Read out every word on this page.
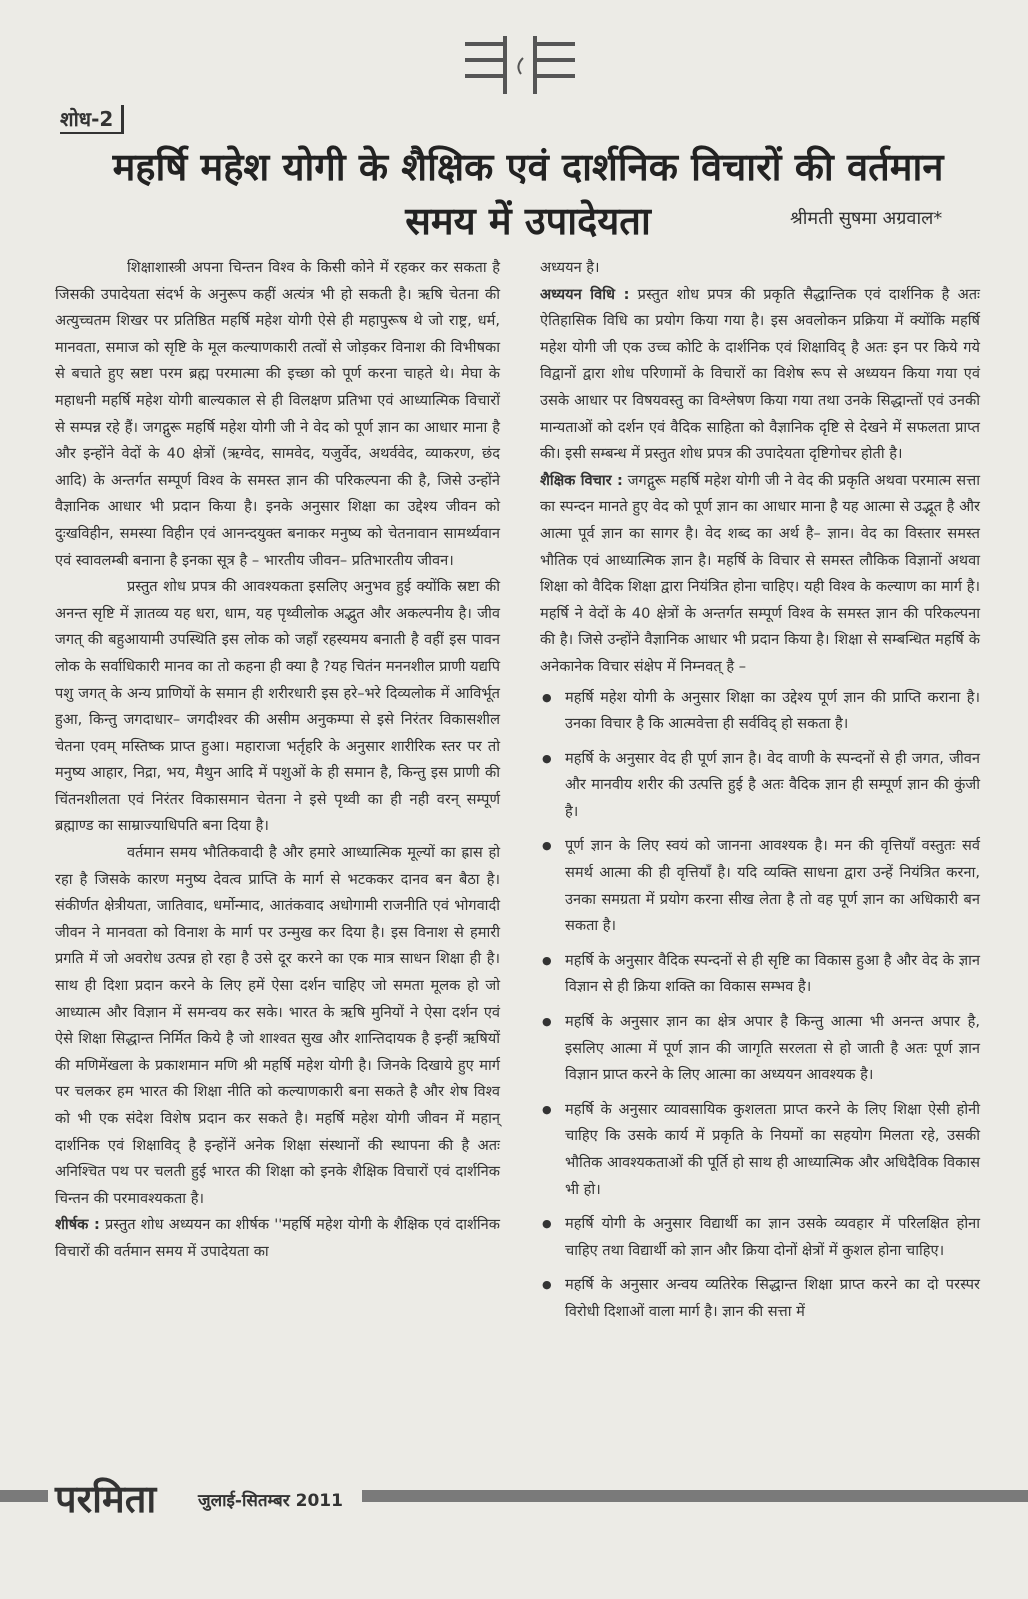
शोध-2
महर्षि महेश योगी के शैक्षिक एवं दार्शनिक विचारों की वर्तमान समय में उपादेयता	श्रीमती सुषमा अग्रवाल*

शिक्षाशास्त्री अपना चिन्तन विश्व के किसी कोने में रहकर कर सकता है जिसकी उपादेयता संदर्भ के अनुरूप कहीं अत्यंत्र भी हो सकती है। ऋषि चेतना की अत्युच्चतम शिखर पर प्रतिष्ठित महर्षि महेश योगी ऐसे ही महापुरूष थे जो राष्ट्र, धर्म, मानवता, समाज को सृष्टि के मूल कल्याणकारी तत्वों से जोड़कर विनाश की विभीषका से बचाते हुए स्रष्टा परम ब्रह्म परमात्मा की इच्छा को पूर्ण करना चाहते थे। मेघा के महाधनी महर्षि महेश योगी बाल्यकाल से ही विलक्षण प्रतिभा एवं आध्यात्मिक विचारों से सम्पन्न रहे हैं। जगद्गुरू महर्षि महेश योगी जी ने वेद को पूर्ण ज्ञान का आधार माना है और इन्होंने वेदों के 40 क्षेत्रों (ऋग्वेद, सामवेद, यजुर्वेद, अथर्ववेद, व्याकरण, छंद आदि) के अन्तर्गत सम्पूर्ण विश्व के समस्त ज्ञान की परिकल्पना की है, जिसे उन्होंने वैज्ञानिक आधार भी प्रदान किया है। इनके अनुसार शिक्षा का उद्देश्य जीवन को दुःखविहीन, समस्या विहीन एवं आनन्दयुक्त बनाकर मनुष्य को चेतनावान सामर्थ्यवान एवं स्वावलम्बी बनाना है इनका सूत्र है – भारतीय जीवन– प्रतिभारतीय जीवन।

प्रस्तुत शोध प्रपत्र की आवश्यकता इसलिए अनुभव हुई क्योंकि स्रष्टा की अनन्त सृष्टि में ज्ञातव्य यह धरा, धाम, यह पृथ्वीलोक अद्भुत और अकल्पनीय है। जीव जगत् की बहुआयामी उपस्थिति इस लोक को जहाँ रहस्यमय बनाती है वहीं इस पावन लोक के सर्वाधिकारी मानव का तो कहना ही क्या है ?यह चितंन मननशील प्राणी यद्यपि पशु जगत् के अन्य प्राणियों के समान ही शरीरधारी इस हरे–भरे दिव्यलोक में आविर्भूत हुआ, किन्तु जगदाधार– जगदीश्वर की असीम अनुकम्पा से इसे निरंतर विकासशील चेतना एवम् मस्तिष्क प्राप्त हुआ। महाराजा भर्तृहरि के अनुसार शारीरिक स्तर पर तो मनुष्य आहार, निद्रा, भय, मैथुन आदि में पशुओं के ही समान है, किन्तु इस प्राणी की चिंतनशीलता एवं निरंतर विकासमान चेतना ने इसे पृथ्वी का ही नही वरन् सम्पूर्ण ब्रह्माण्ड का साम्राज्याधिपति बना दिया है।

वर्तमान समय भौतिकवादी है और हमारे आध्यात्मिक मूल्यों का ह्रास हो रहा है जिसके कारण मनुष्य देवत्व प्राप्ति के मार्ग से भटककर दानव बन बैठा है। संकीर्णत क्षेत्रीयता, जातिवाद, धर्मोन्माद, आतंकवाद अधोगामी राजनीति एवं भोगवादी जीवन ने मानवता को विनाश के मार्ग पर उन्मुख कर दिया है। इस विनाश से हमारी प्रगति में जो अवरोध उत्पन्न हो रहा है उसे दूर करने का एक मात्र साधन शिक्षा ही है। साथ ही दिशा प्रदान करने के लिए हमें ऐसा दर्शन चाहिए जो समता मूलक हो जो आध्यात्म और विज्ञान में समन्वय कर सके। भारत के ऋषि मुनियों ने ऐसा दर्शन एवं ऐसे शिक्षा सिद्धान्त निर्मित किये है जो शाश्वत सुख और शान्तिदायक है इन्हीं ऋषियों की मणिमेंखला के प्रकाशमान मणि श्री महर्षि महेश योगी है। जिनके दिखाये हुए मार्ग पर चलकर हम भारत की शिक्षा नीति को कल्याणकारी बना सकते है और शेष विश्व को भी एक संदेश विशेष प्रदान कर सकते है। महर्षि महेश योगी जीवन में महान् दार्शनिक एवं शिक्षाविद् है इन्होंनें अनेक शिक्षा संस्थानों की स्थापना की है अतः अनिश्चित पथ पर चलती हुई भारत की शिक्षा को इनके शैक्षिक विचारों एवं दार्शनिक चिन्तन की परमावश्यकता है।

शीर्षक : प्रस्तुत शोध अध्ययन का शीर्षक ''महर्षि महेश योगी के शैक्षिक एवं दार्शनिक विचारों की वर्तमान समय में उपादेयता का

अध्ययन है।

अध्ययन विधि : प्रस्तुत शोध प्रपत्र की प्रकृति सैद्धान्तिक एवं दार्शनिक है अतः ऐतिहासिक विधि का प्रयोग किया गया है। इस अवलोकन प्रक्रिया में क्योंकि महर्षि महेश योगी जी एक उच्च कोटि के दार्शनिक एवं शिक्षाविद् है अतः इन पर किये गये विद्वानों द्वारा शोध परिणामों के विचारों का विशेष रूप से अध्ययन किया गया एवं उसके आधार पर विषयवस्तु का विश्लेषण किया गया तथा उनके सिद्धान्तों एवं उनकी मान्यताओं को दर्शन एवं वैदिक साहिता को वैज्ञानिक दृष्टि से देखने में सफलता प्राप्त की। इसी सम्बन्ध में प्रस्तुत शोध प्रपत्र की उपादेयता दृष्टिगोचर होती है।

शैक्षिक विचार : जगद्गुरू महर्षि महेश योगी जी ने वेद की प्रकृति अथवा परमात्म सत्ता का स्पन्दन मानते हुए वेद को पूर्ण ज्ञान का आधार माना है यह आत्मा से उद्भूत है और आत्मा पूर्व ज्ञान का सागर है। वेद शब्द का अर्थ है– ज्ञान। वेद का विस्तार समस्त भौतिक एवं आध्यात्मिक ज्ञान है। महर्षि के विचार से समस्त लौकिक विज्ञानों अथवा शिक्षा को वैदिक शिक्षा द्वारा नियंत्रित होना चाहिए। यही विश्व के कल्याण का मार्ग है। महर्षि ने वेदों के 40 क्षेत्रों के अन्तर्गत सम्पूर्ण विश्व के समस्त ज्ञान की परिकल्पना की है। जिसे उन्होंने वैज्ञानिक आधार भी प्रदान किया है। शिक्षा से सम्बन्धित महर्षि के अनेकानेक विचार संक्षेप में निम्नवत् है –

● महर्षि महेश योगी के अनुसार शिक्षा का उद्देश्य पूर्ण ज्ञान की प्राप्ति कराना है। उनका विचार है कि आत्मवेत्ता ही सर्वविद् हो सकता है।
● महर्षि के अनुसार वेद ही पूर्ण ज्ञान है। वेद वाणी के स्पन्दनों से ही जगत, जीवन और मानवीय शरीर की उत्पत्ति हुई है अतः वैदिक ज्ञान ही सम्पूर्ण ज्ञान की कुंजी है।
● पूर्ण ज्ञान के लिए स्वयं को जानना आवश्यक है। मन की वृत्तियाँ वस्तुतः सर्व समर्थ आत्मा की ही वृत्तियाँ है। यदि व्यक्ति साधना द्वारा उन्हें नियंत्रित करना, उनका समग्रता में प्रयोग करना सीख लेता है तो वह पूर्ण ज्ञान का अधिकारी बन सकता है।
● महर्षि के अनुसार वैदिक स्पन्दनों से ही सृष्टि का विकास हुआ है और वेद के ज्ञान विज्ञान से ही क्रिया शक्ति का विकास सम्भव है।
● महर्षि के अनुसार ज्ञान का क्षेत्र अपार है किन्तु आत्मा भी अनन्त अपार है, इसलिए आत्मा में पूर्ण ज्ञान की जागृति सरलता से हो जाती है अतः पूर्ण ज्ञान विज्ञान प्राप्त करने के लिए आत्मा का अध्ययन आवश्यक है।
● महर्षि के अनुसार व्यावसायिक कुशलता प्राप्त करने के लिए शिक्षा ऐसी होनी चाहिए कि उसके कार्य में प्रकृति के नियमों का सहयोग मिलता रहे, उसकी भौतिक आवश्यकताओं की पूर्ति हो साथ ही आध्यात्मिक और अधिदैविक विकास भी हो।
● महर्षि योगी के अनुसार विद्यार्थी का ज्ञान उसके व्यवहार में परिलक्षित होना चाहिए तथा विद्यार्थी को ज्ञान और क्रिया दोनों क्षेत्रों में कुशल होना चाहिए।
● महर्षि के अनुसार अन्वय व्यतिरेक सिद्धान्त शिक्षा प्राप्त करने का दो परस्पर विरोधी दिशाओं वाला मार्ग है। ज्ञान की सत्ता में
परमिता जुलाई-सितम्बर 2011
